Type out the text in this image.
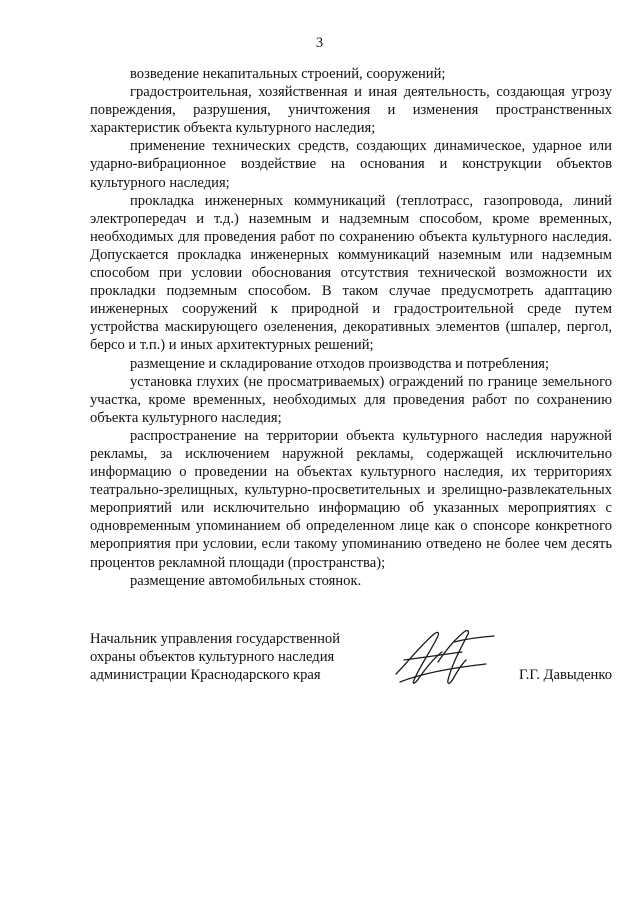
3

возведение некапитальных строений, сооружений;

градостроительная, хозяйственная и иная деятельность, создающая угрозу повреждения, разрушения, уничтожения и изменения пространственных характеристик объекта культурного наследия;

применение технических средств, создающих динамическое, ударное или ударно-вибрационное воздействие на основания и конструкции объектов культурного наследия;

прокладка инженерных коммуникаций (теплотрасс, газопровода, линий электропередач и т.д.) наземным и надземным способом, кроме временных, необходимых для проведения работ по сохранению объекта культурного наследия. Допускается прокладка инженерных коммуникаций наземным или надземным способом при условии обоснования отсутствия технической возможности их прокладки подземным способом. В таком случае предусмотреть адаптацию инженерных сооружений к природной и градостроительной среде путем устройства маскирующего озеленения, декоративных элементов (шпалер, пергол, берсо и т.п.) и иных архитектурных решений;

размещение и складирование отходов производства и потребления;

установка глухих (не просматриваемых) ограждений по границе земельного участка, кроме временных, необходимых для проведения работ по сохранению объекта культурного наследия;

распространение на территории объекта культурного наследия наружной рекламы, за исключением наружной рекламы, содержащей исключительно информацию о проведении на объектах культурного наследия, их территориях театрально-зрелищных, культурно-просветительных и зрелищно-развлекательных мероприятий или исключительно информацию об указанных мероприятиях с одновременным упоминанием об определенном лице как о спонсоре конкретного мероприятия при условии, если такому упоминанию отведено не более чем десять процентов рекламной площади (пространства);

размещение автомобильных стоянок.

Начальник управления государственной
охраны объектов культурного наследия
администрации Краснодарского края	Г.Г. Давыденко
